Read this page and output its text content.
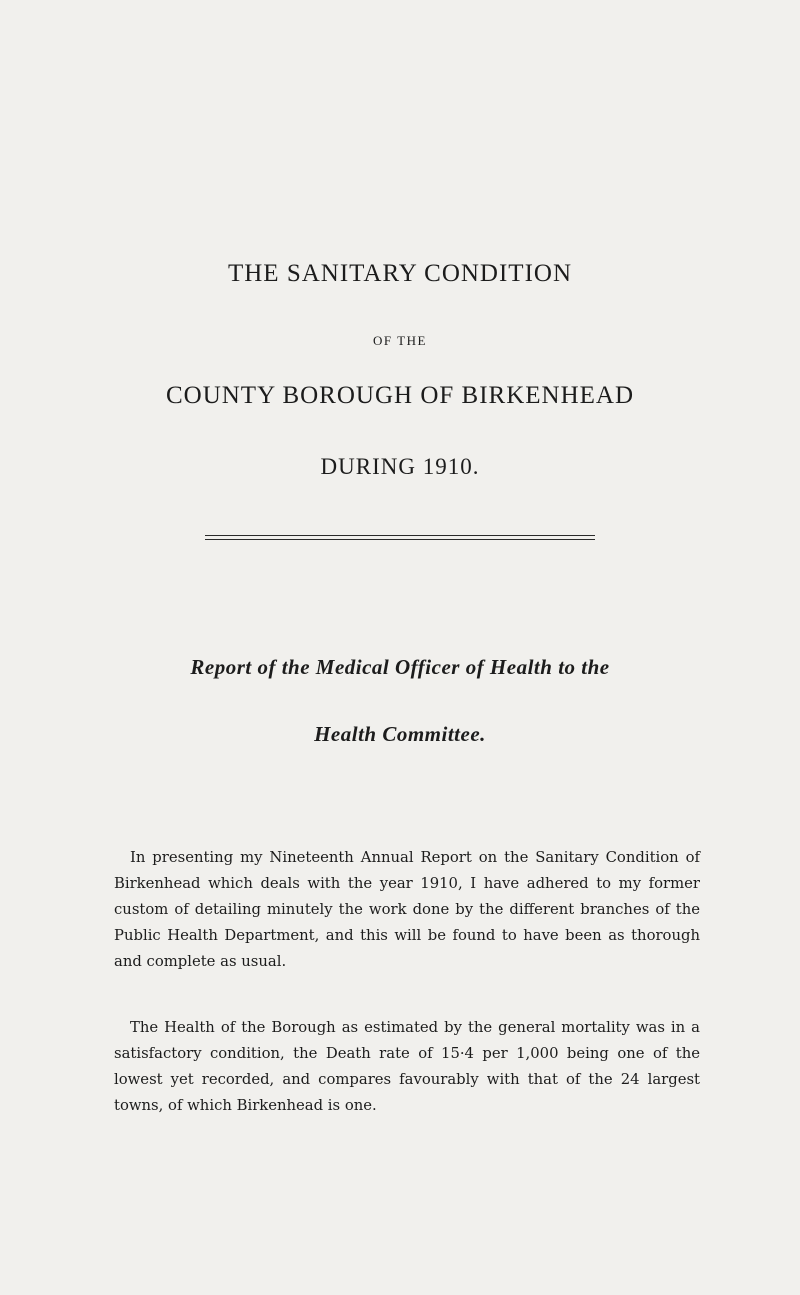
THE SANITARY CONDITION
OF THE
COUNTY BOROUGH OF BIRKENHEAD
DURING 1910.
Report of the Medical Officer of Health to the
Health Committee.

In presenting my Nineteenth Annual Report on the Sanitary Condition of Birkenhead which deals with the year 1910, I have adhered to my former custom of detailing minutely the work done by the different branches of the Public Health Department, and this will be found to have been as thorough and complete as usual.

The Health of the Borough as estimated by the general mortality was in a satisfactory condition, the Death rate of 15·4 per 1,000 being one of the lowest yet recorded, and compares favourably with that of the 24 largest towns, of which Birkenhead is one.
